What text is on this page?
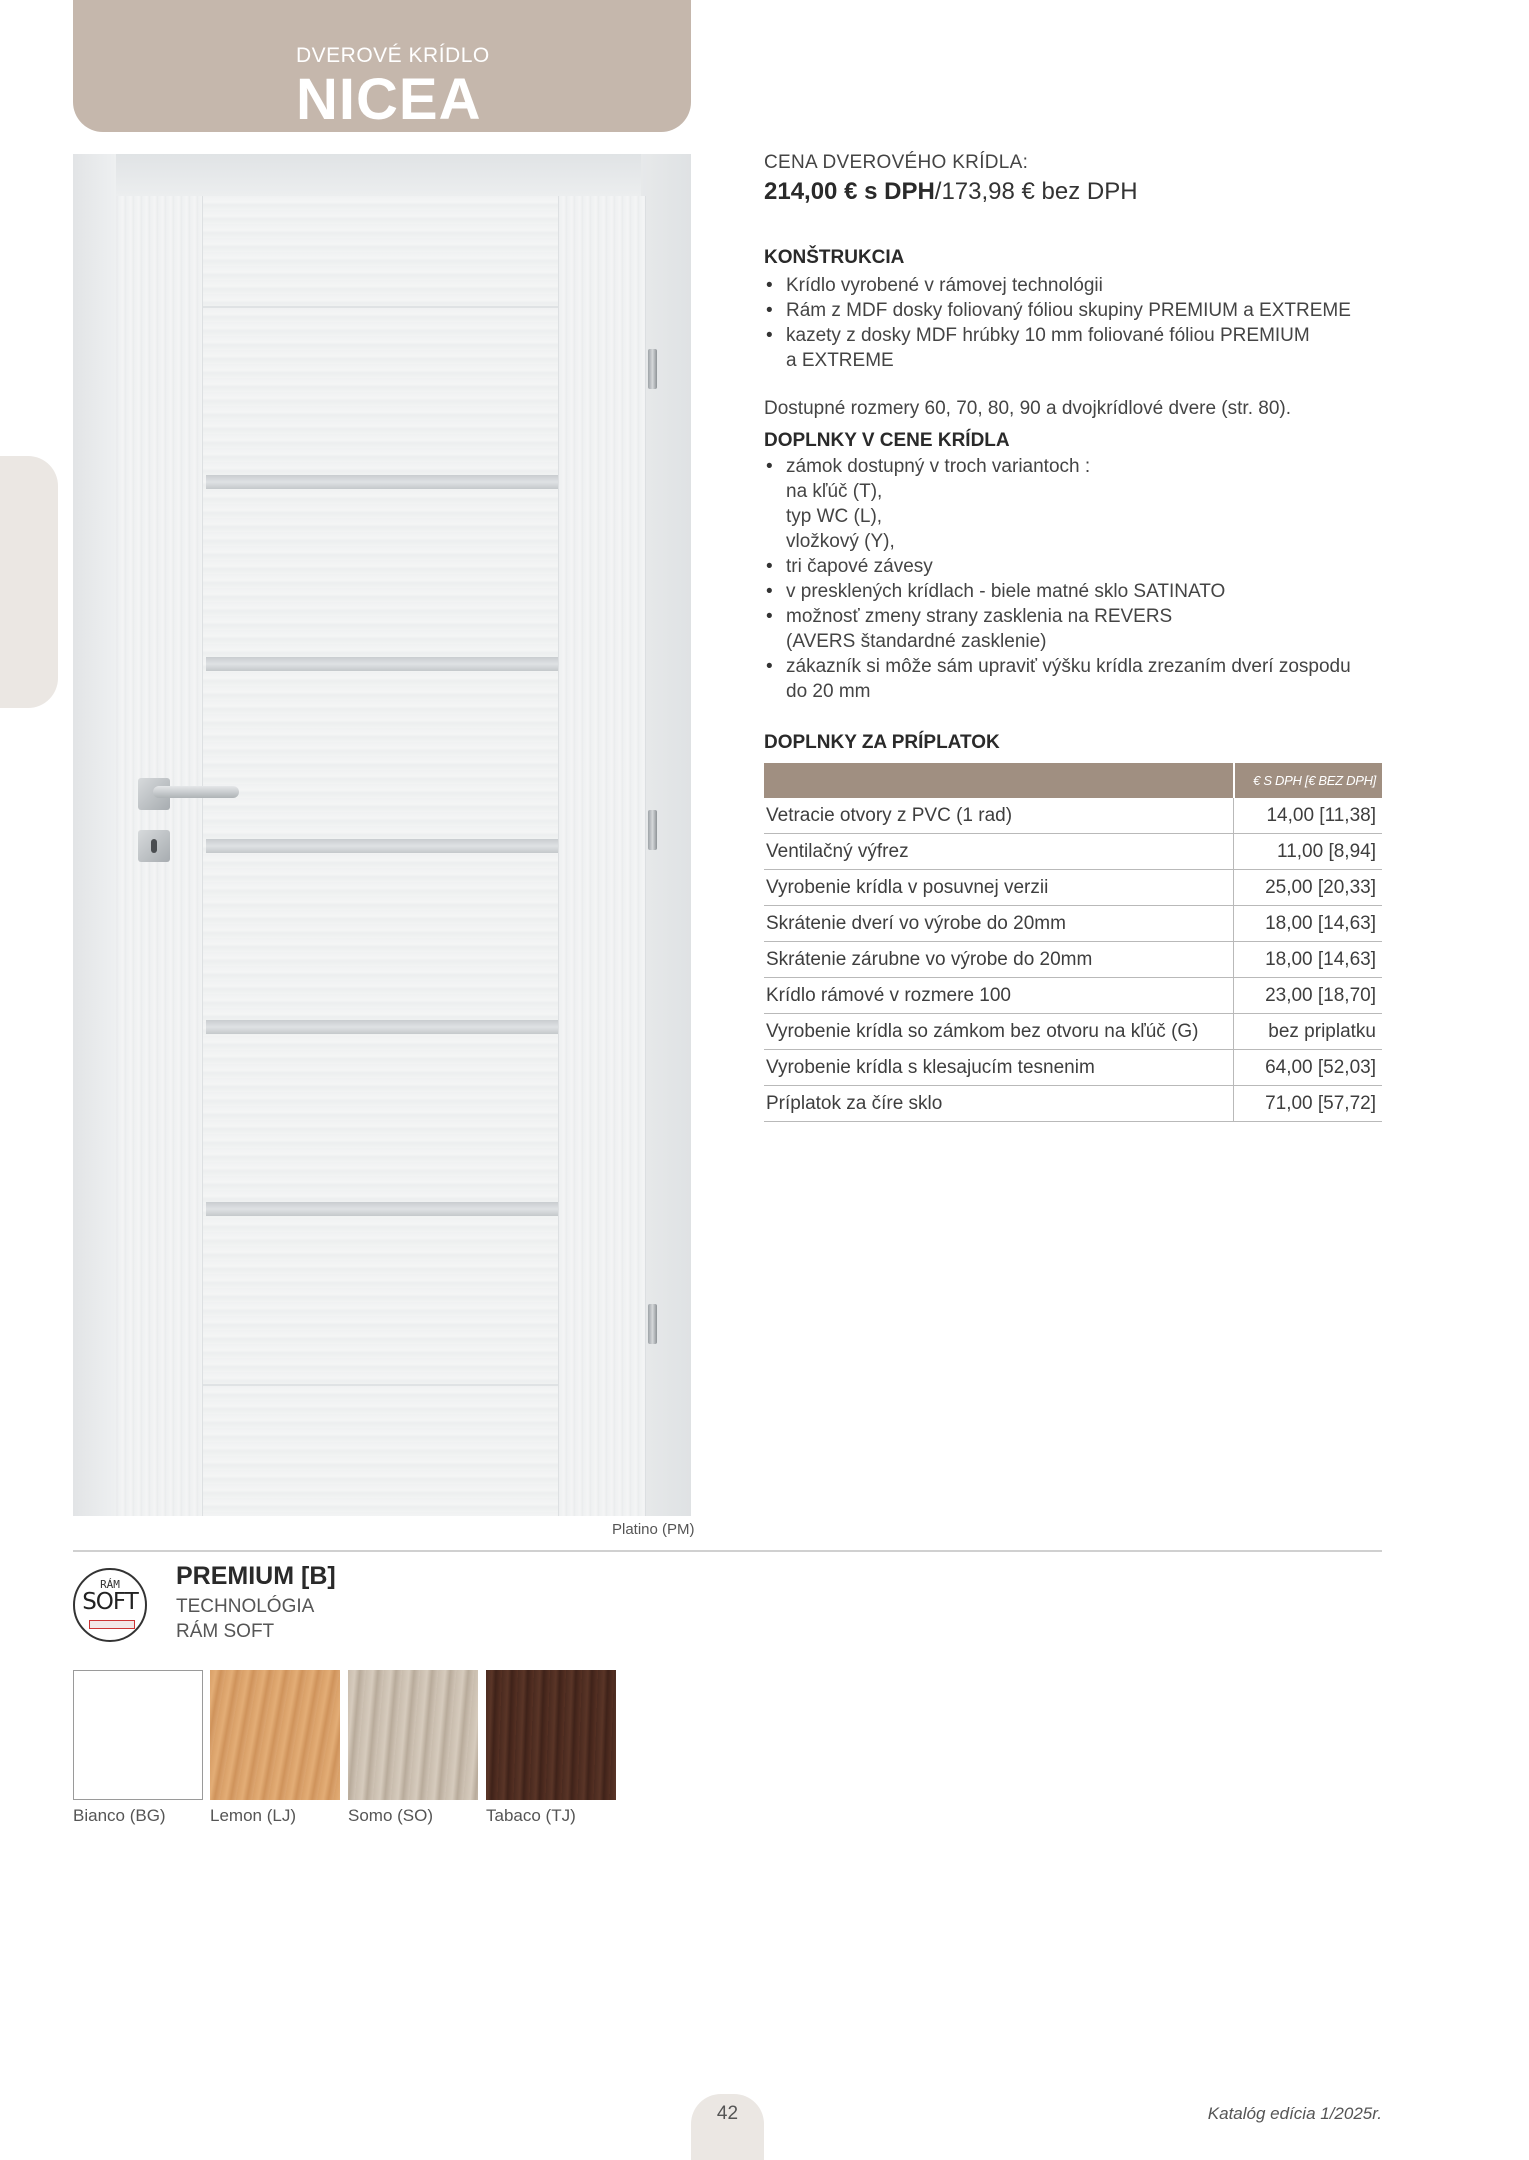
DVEROVÉ KRÍDLO
NICEA
Platino (PM)
CENA DVEROVÉHO KRÍDLA:
214,00 € s DPH/173,98 € bez DPH
KONŠTRUKCIA
• Krídlo vyrobené v rámovej technológii
• Rám z MDF dosky foliovaný fóliou skupiny PREMIUM a EXTREME
• kazety z dosky MDF hrúbky 10 mm foliované fóliou PREMIUM
a EXTREME
Dostupné rozmery 60, 70, 80, 90 a dvojkrídlové dvere (str. 80).
DOPLNKY V CENE KRÍDLA
• zámok dostupný v troch variantoch :
na kľúč (T),
typ WC (L),
vložkový (Y),
• tri čapové závesy
• v presklených krídlach - biele matné sklo SATINATO
• možnosť zmeny strany zasklenia na REVERS
(AVERS štandardné zasklenie)
• zákazník si môže sám upraviť výšku krídla zrezaním dverí zospodu
do 20 mm
DOPLNKY ZA PRÍPLATOK
	€ S DPH [€ BEZ DPH]
Vetracie otvory z PVC (1 rad)	14,00 [11,38]
Ventilačný výfrez	11,00 [8,94]
Vyrobenie krídla v posuvnej verzii	25,00 [20,33]
Skrátenie dverí vo výrobe do 20mm	18,00 [14,63]
Skrátenie zárubne vo výrobe do 20mm	18,00 [14,63]
Krídlo rámové v rozmere 100	23,00 [18,70]
Vyrobenie krídla so zámkom bez otvoru na kľúč (G)	bez priplatku
Vyrobenie krídla s klesajucím tesnenim	64,00 [52,03]
Príplatok za číre sklo	71,00 [57,72]
RÁM
SOFT
PREMIUM [B]
TECHNOLÓGIA
RÁM SOFT
Bianco (BG)	Lemon (LJ)	Somo (SO)	Tabaco (TJ)
42	Katalóg edícia 1/2025r.
